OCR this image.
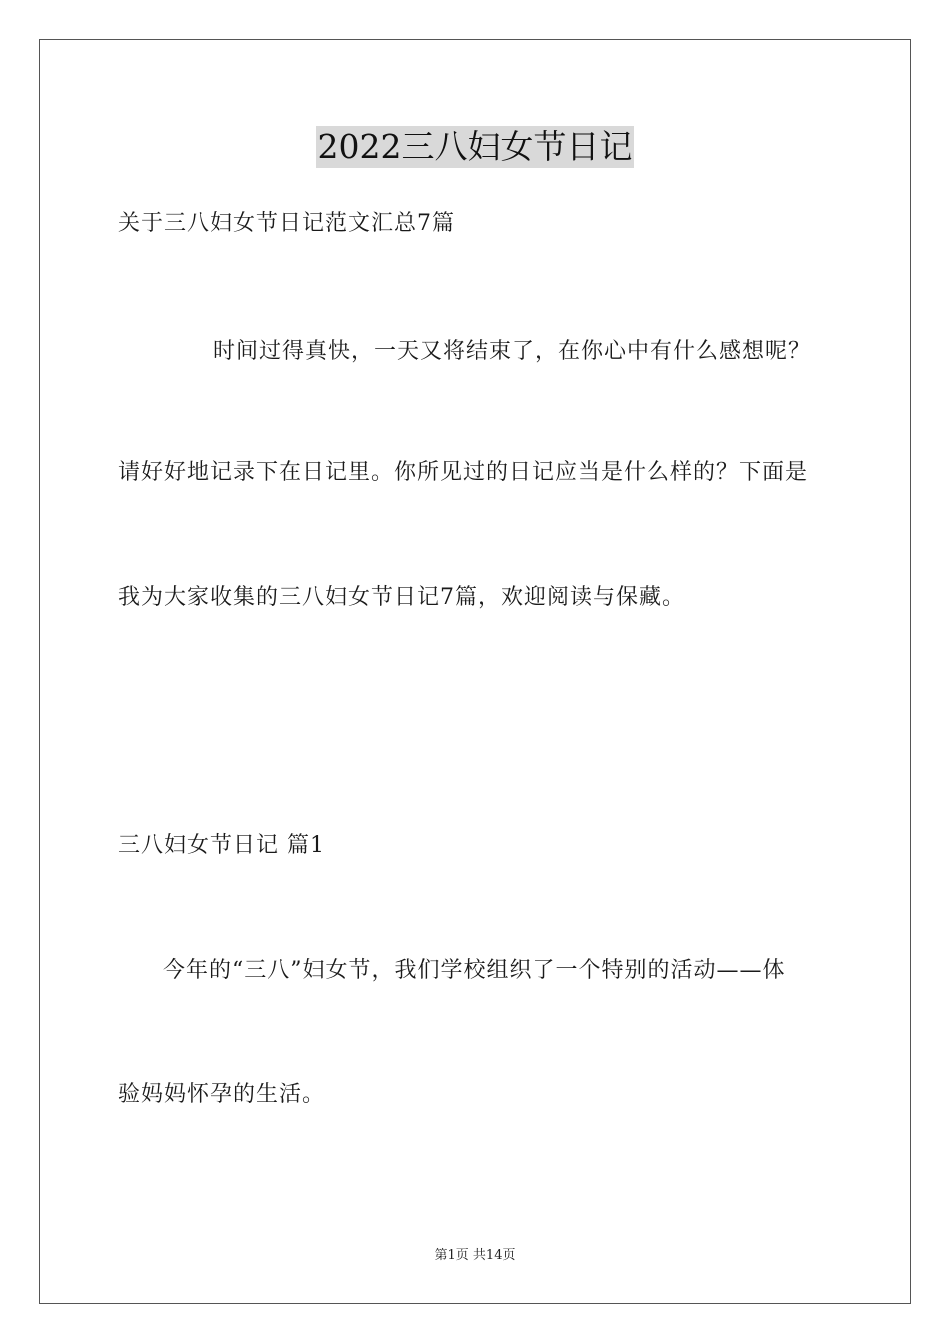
2022三八妇女节日记
关于三八妇女节日记范文汇总7篇
时间过得真快，一天又将结束了，在你心中有什么感想呢？
请好好地记录下在日记里。你所见过的日记应当是什么样的？下面是
我为大家收集的三八妇女节日记7篇，欢迎阅读与保藏。
三八妇女节日记 篇1
今年的“三八”妇女节，我们学校组织了一个特别的活动——体
验妈妈怀孕的生活。
第1页 共14页
